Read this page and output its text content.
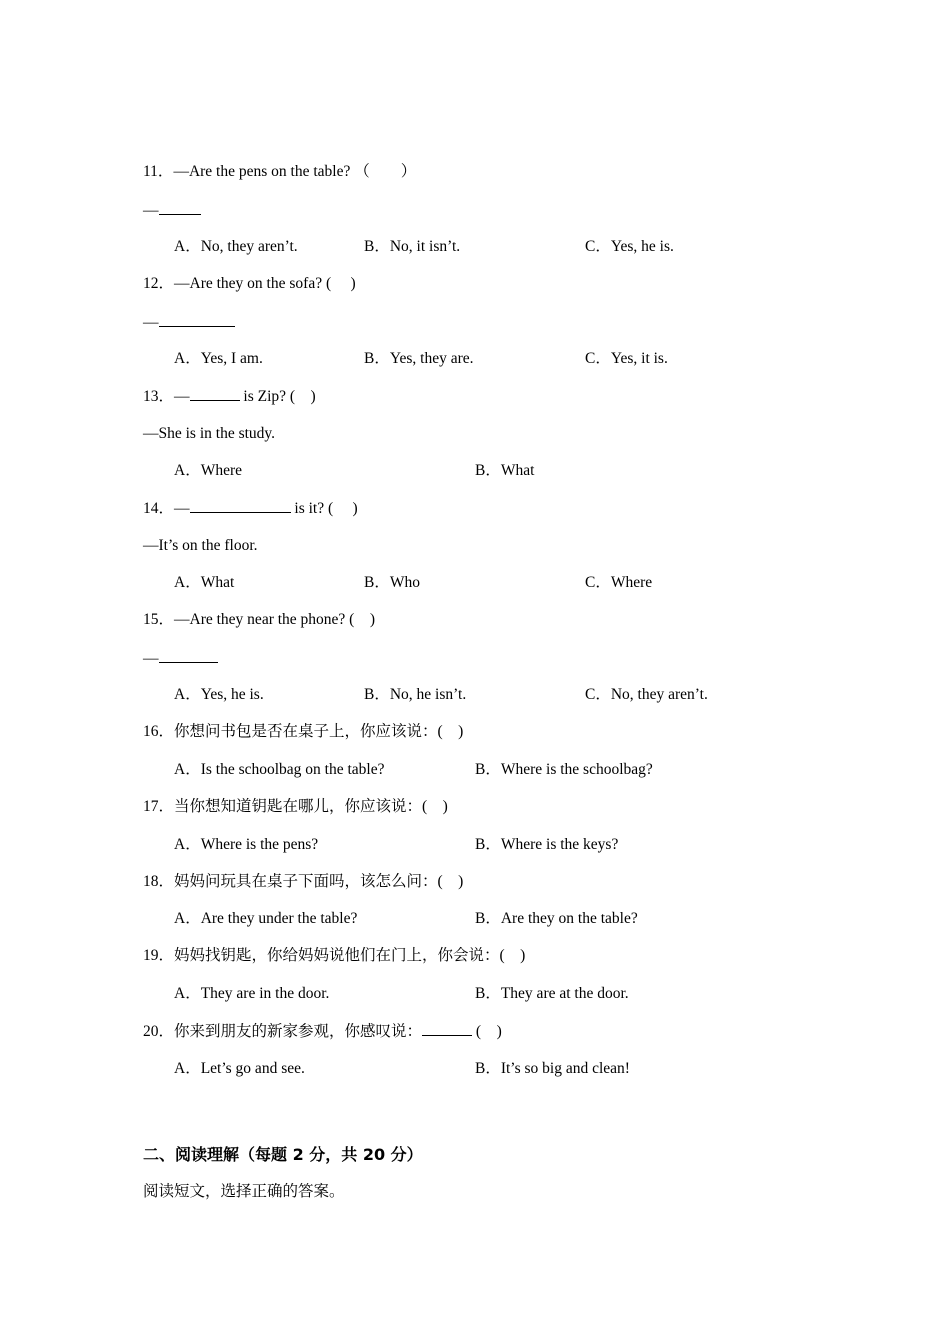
11．—Are the pens on the table? （　　）
—
A．No, they aren’t.	B．No, it isn’t.	C．Yes, he is.
12．—Are they on the sofa? (　 )
—
A．Yes, I am.	B．Yes, they are.	C．Yes, it is.
13．—	is Zip? (　)
—She is in the study.
A．Where	B．What
14．—	is it? (　 )
—It’s on the floor.
A．What	B．Who	C．Where
15．—Are they near the phone? (　)
—
A．Yes, he is.	B．No, he isn’t.	C．No, they aren’t.
16．你想问书包是否在桌子上，你应该说：(　)
A．Is the schoolbag on the table?	B．Where is the schoolbag?
17．当你想知道钥匙在哪儿，你应该说：(　)
A．Where is the pens?	B．Where is the keys?
18．妈妈问玩具在桌子下面吗，该怎么问：(　)
A．Are they under the table?	B．Are they on the table?
19．妈妈找钥匙，你给妈妈说他们在门上，你会说：(　)
A．They are in the door.	B．They are at the door.
20．你来到朋友的新家参观，你感叹说：	(　)
A．Let’s go and see.	B．It’s so big and clean!
二、阅读理解（每题 2 分，共 20 分）
阅读短文，选择正确的答案。
